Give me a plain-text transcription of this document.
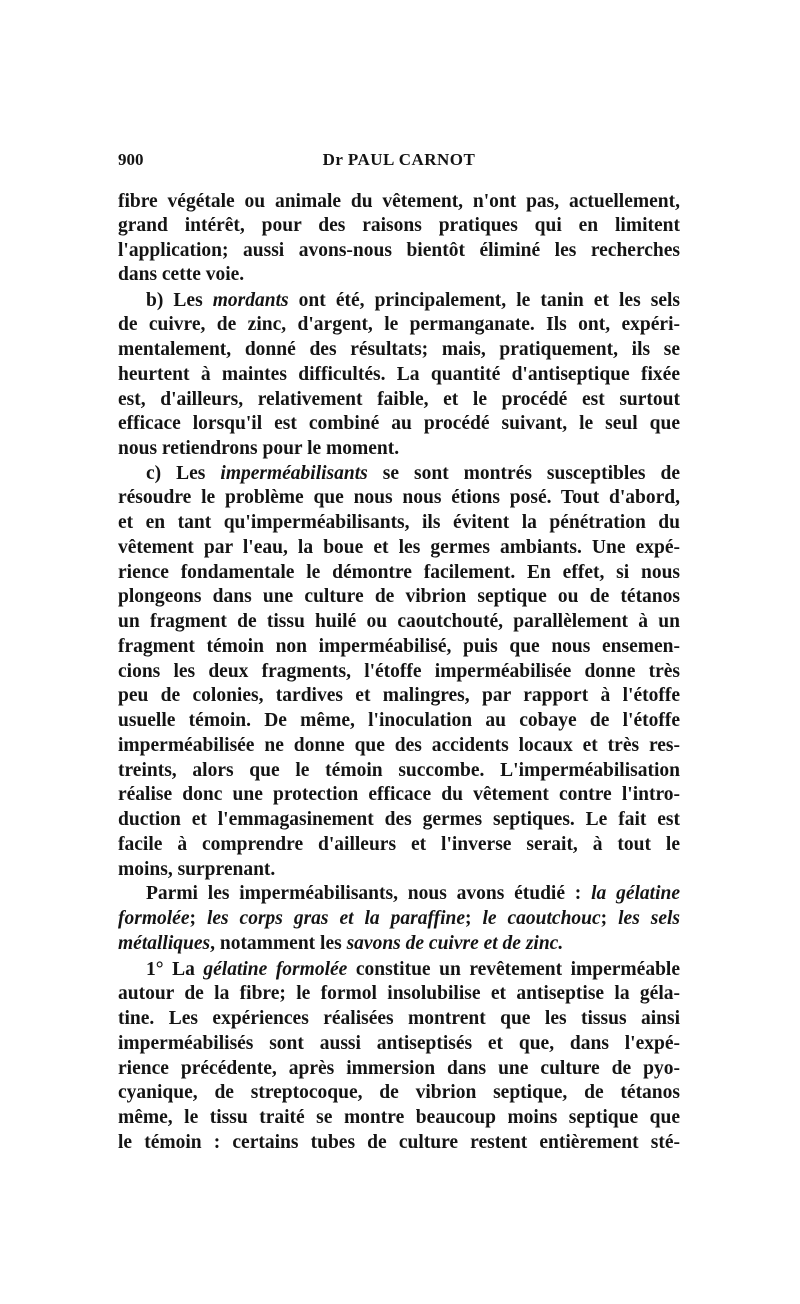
900	Dr PAUL CARNOT
fibre végétale ou animale du vêtement, n'ont pas, actuellement,
grand intérêt, pour des raisons pratiques qui en limitent
l'application; aussi avons-nous bientôt éliminé les recherches
dans cette voie.
b) Les mordants ont été, principalement, le tanin et les sels
de cuivre, de zinc, d'argent, le permanganate. Ils ont, expéri-
mentalement, donné des résultats; mais, pratiquement, ils se
heurtent à maintes difficultés. La quantité d'antiseptique fixée
est, d'ailleurs, relativement faible, et le procédé est surtout
efficace lorsqu'il est combiné au procédé suivant, le seul que
nous retiendrons pour le moment.
c) Les imperméabilisants se sont montrés susceptibles de
résoudre le problème que nous nous étions posé. Tout d'abord,
et en tant qu'imperméabilisants, ils évitent la pénétration du
vêtement par l'eau, la boue et les germes ambiants. Une expé-
rience fondamentale le démontre facilement. En effet, si nous
plongeons dans une culture de vibrion septique ou de tétanos
un fragment de tissu huilé ou caoutchouté, parallèlement à un
fragment témoin non imperméabilisé, puis que nous ensemen-
cions les deux fragments, l'étoffe imperméabilisée donne très
peu de colonies, tardives et malingres, par rapport à l'étoffe
usuelle témoin. De même, l'inoculation au cobaye de l'étoffe
imperméabilisée ne donne que des accidents locaux et très res-
treints, alors que le témoin succombe. L'imperméabilisation
réalise donc une protection efficace du vêtement contre l'intro-
duction et l'emmagasinement des germes septiques. Le fait est
facile à comprendre d'ailleurs et l'inverse serait, à tout le
moins, surprenant.
Parmi les imperméabilisants, nous avons étudié : la gélatine
formolée; les corps gras et la paraffine; le caoutchouc; les sels
métalliques, notamment les savons de cuivre et de zinc.
1° La gélatine formolée constitue un revêtement imperméable
autour de la fibre; le formol insolubilise et antiseptise la géla-
tine. Les expériences réalisées montrent que les tissus ainsi
imperméabilisés sont aussi antiseptisés et que, dans l'expé-
rience précédente, après immersion dans une culture de pyo-
cyanique, de streptocoque, de vibrion septique, de tétanos
même, le tissu traité se montre beaucoup moins septique que
le témoin : certains tubes de culture restent entièrement sté-
